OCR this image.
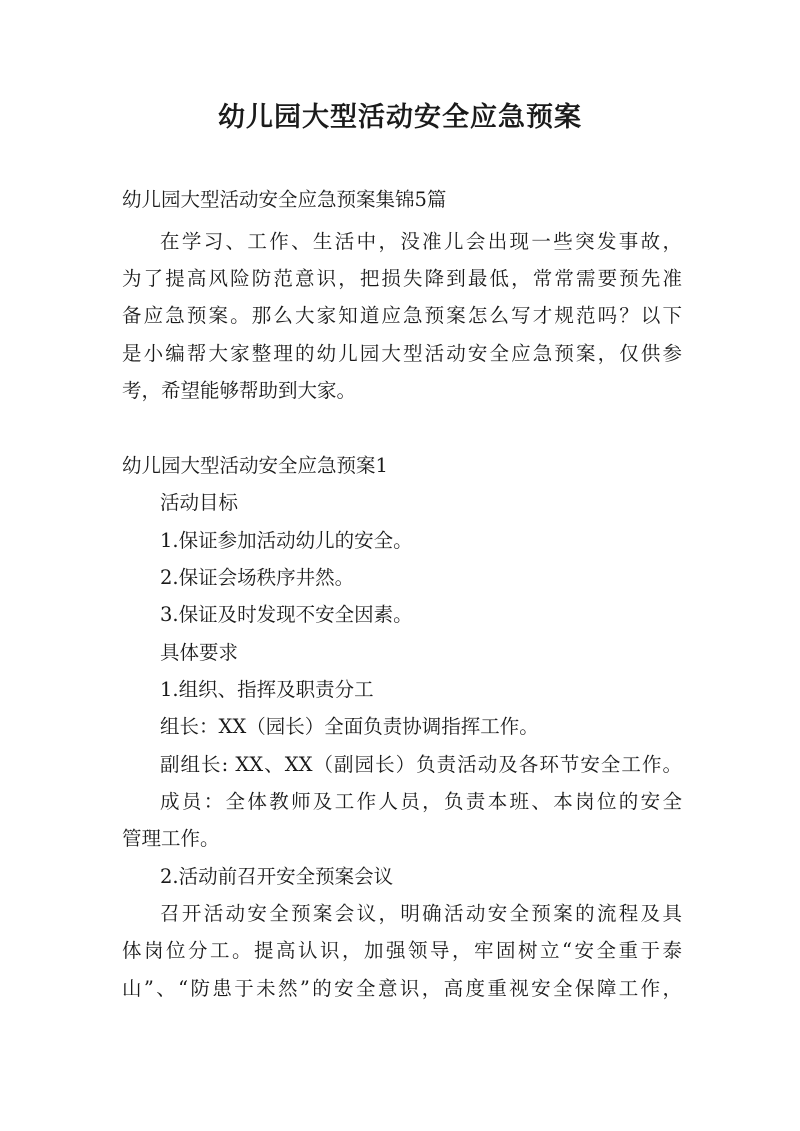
幼儿园大型活动安全应急预案

幼儿园大型活动安全应急预案集锦5篇

在学习、工作、生活中，没准儿会出现一些突发事故，

为了提高风险防范意识，把损失降到最低，常常需要预先准

备应急预案。那么大家知道应急预案怎么写才规范吗？以下

是小编帮大家整理的幼儿园大型活动安全应急预案，仅供参

考，希望能够帮助到大家。

幼儿园大型活动安全应急预案1

活动目标

1.保证参加活动幼儿的安全。

2.保证会场秩序井然。

3.保证及时发现不安全因素。

具体要求

1.组织、指挥及职责分工

组长：XX（园长）全面负责协调指挥工作。

副组长: XX、XX（副园长）负责活动及各环节安全工作。

成员：全体教师及工作人员，负责本班、本岗位的安全

管理工作。

2.活动前召开安全预案会议

召开活动安全预案会议，明确活动安全预案的流程及具

体岗位分工。提高认识，加强领导，牢固树立“安全重于泰

山”、“防患于未然”的安全意识，高度重视安全保障工作，
